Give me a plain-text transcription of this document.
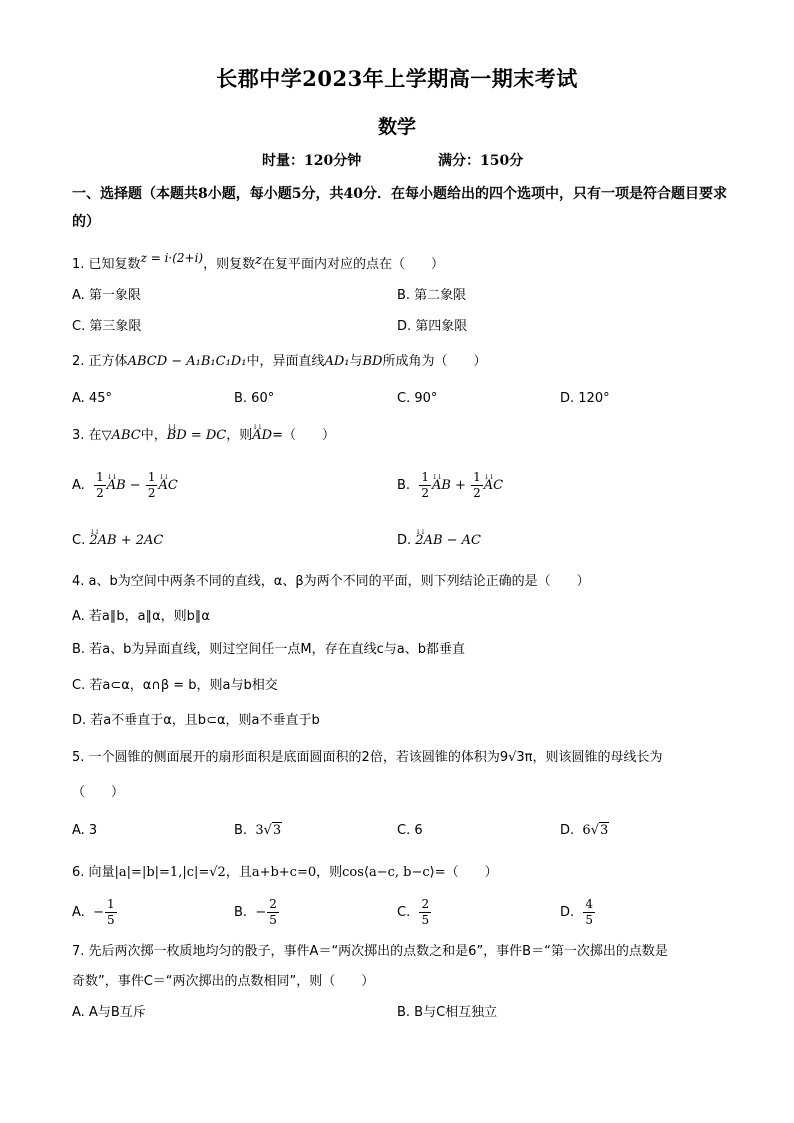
长郡中学2023年上学期高一期末考试
数学
时量：120分钟	满分：150分
一、选择题（本题共8小题，每小题5分，共40分．在每小题给出的四个选项中，只有一项是符合题目要求的）
1. 已知复数z = i·(2+i)，则复数z在复平面内对应的点在（　　）
A. 第一象限	B. 第二象限
C. 第三象限	D. 第四象限
2. 正方体ABCD − A₁B₁C₁D₁中，异面直线AD₁与BD所成角为（　　）
A. 45°	B. 60°	C. 90°	D. 120°
3. 在▽ABC中，↓↓ BD = DC，则↓↓ AD=（　　）
A. $\frac{1}{2}$ ↓↓ AB − $\frac{1}{2}$ ↓↓ AC	B. $\frac{1}{2}$ ↓↓ AB + $\frac{1}{2}$ ↓↓ AC
C. ↓↓ 2AB + 2AC	D. ↓↓ 2AB − AC
4. a、b为空间中两条不同的直线，α、β为两个不同的平面，则下列结论正确的是（　　）
A. 若a∥b，a∥α，则b∥α
B. 若a、b为异面直线，则过空间任一点M，存在直线c与a、b都垂直
C. 若a⊂α，α∩β = b，则a与b相交
D. 若a不垂直于α，且b⊂α，则a不垂直于b
5. 一个圆锥的侧面展开的扇形面积是底面圆面积的2倍，若该圆锥的体积为9√3π，则该圆锥的母线长为
（　　）
A. 3	B. 3√3	C. 6	D. 6√3
6. 向量|a|=|b|=1,|c|=√2，且a+b+c=0，则cos⟨a−c, b−c⟩=（　　）
A. − $\frac{1}{5}$	B. − $\frac{2}{5}$	C. $\frac{2}{5}$	D. $\frac{4}{5}$
7. 先后两次掷一枚质地均匀的骰子，事件A＝“两次掷出的点数之和是6”，事件B＝“第一次掷出的点数是
奇数”，事件C＝“两次掷出的点数相同”，则（　　）
A. A与B互斥	B. B与C相互独立
